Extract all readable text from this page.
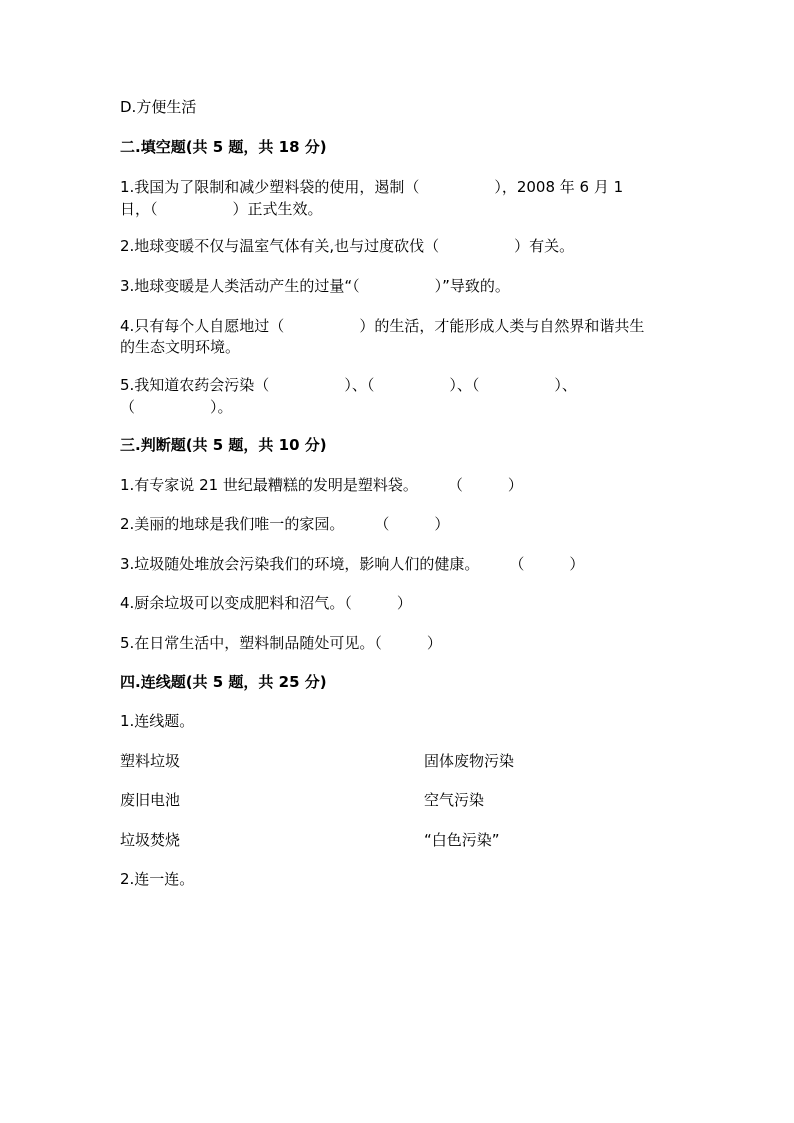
D.方便生活
二.填空题(共 5 题，共 18 分)
1.我国为了限制和减少塑料袋的使用，遏制（　　　　　），2008 年 6 月 1
日，（　　　　　）正式生效。
2.地球变暖不仅与温室气体有关,也与过度砍伐（　　　　　）有关。
3.地球变暖是人类活动产生的过量“（　　　　　）”导致的。
4.只有每个人自愿地过（　　　　　）的生活，才能形成人类与自然界和谐共生
的生态文明环境。
5.我知道农药会污染（　　　　　）、（　　　　　）、（　　　　　）、
（　　　　　）。
三.判断题(共 5 题，共 10 分)
1.有专家说 21 世纪最糟糕的发明是塑料袋。　　　（　　　）
2.美丽的地球是我们唯一的家园。　　　（　　　）
3.垃圾随处堆放会污染我们的环境，影响人们的健康。　　　（　　　）
4.厨余垃圾可以变成肥料和沼气。（　　　）
5.在日常生活中，塑料制品随处可见。（　　　）
四.连线题(共 5 题，共 25 分)
1.连线题。
塑料垃圾	固体废物污染
废旧电池	空气污染
垃圾焚烧	“白色污染”
2.连一连。
